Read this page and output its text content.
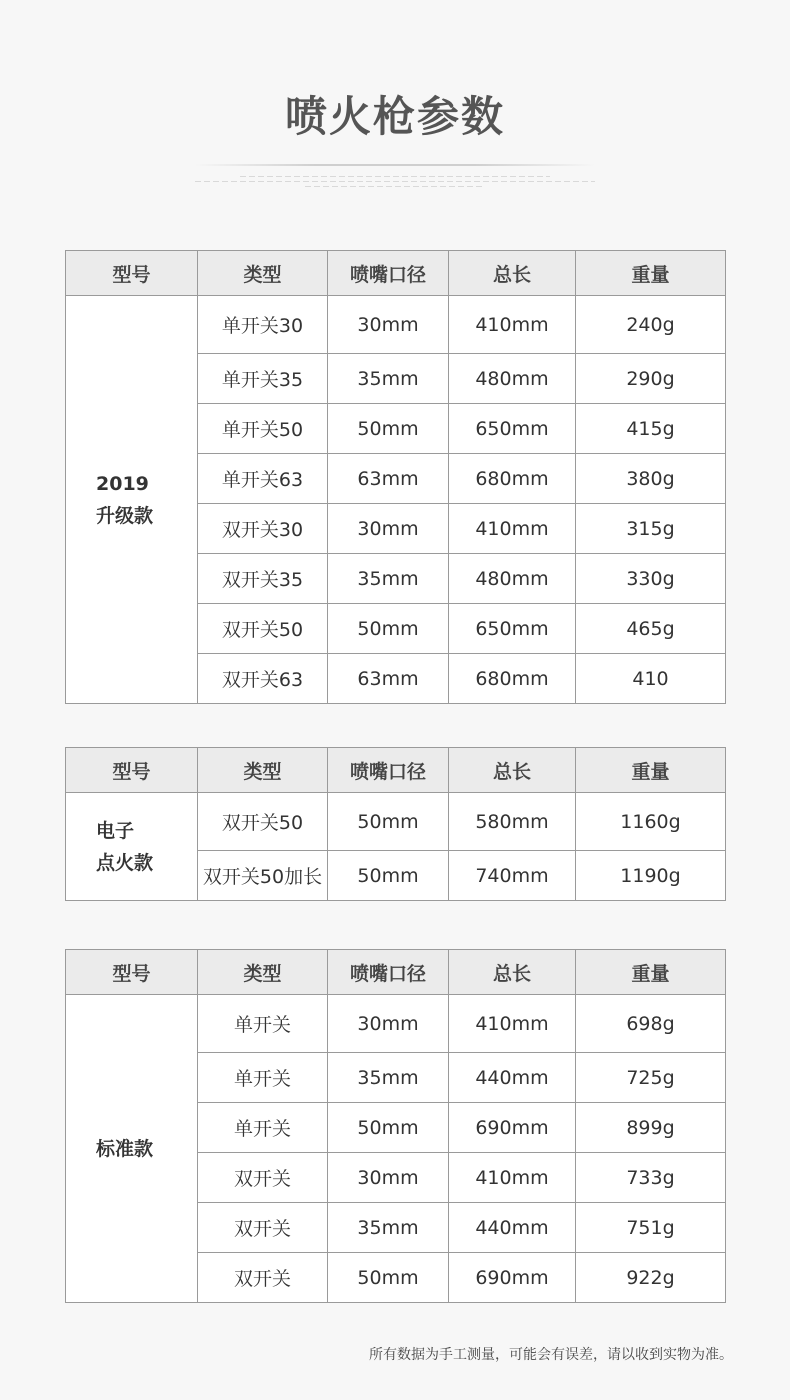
喷火枪参数
型号	类型	喷嘴口径	总长	重量

2019
升级款	单开关30	30mm	410mm	240g
	单开关35	35mm	480mm	290g
	单开关50	50mm	650mm	415g
	单开关63	63mm	680mm	380g
	双开关30	30mm	410mm	315g
	双开关35	35mm	480mm	330g
	双开关50	50mm	650mm	465g
	双开关63	63mm	680mm	410
型号	类型	喷嘴口径	总长	重量

电子
点火款	双开关50	50mm	580mm	1160g
	双开关50加长	50mm	740mm	1190g
型号	类型	喷嘴口径	总长	重量

标准款	单开关	30mm	410mm	698g
	单开关	35mm	440mm	725g
	单开关	50mm	690mm	899g
	双开关	30mm	410mm	733g
	双开关	35mm	440mm	751g
	双开关	50mm	690mm	922g
所有数据为手工测量，可能会有误差，请以收到实物为准。
